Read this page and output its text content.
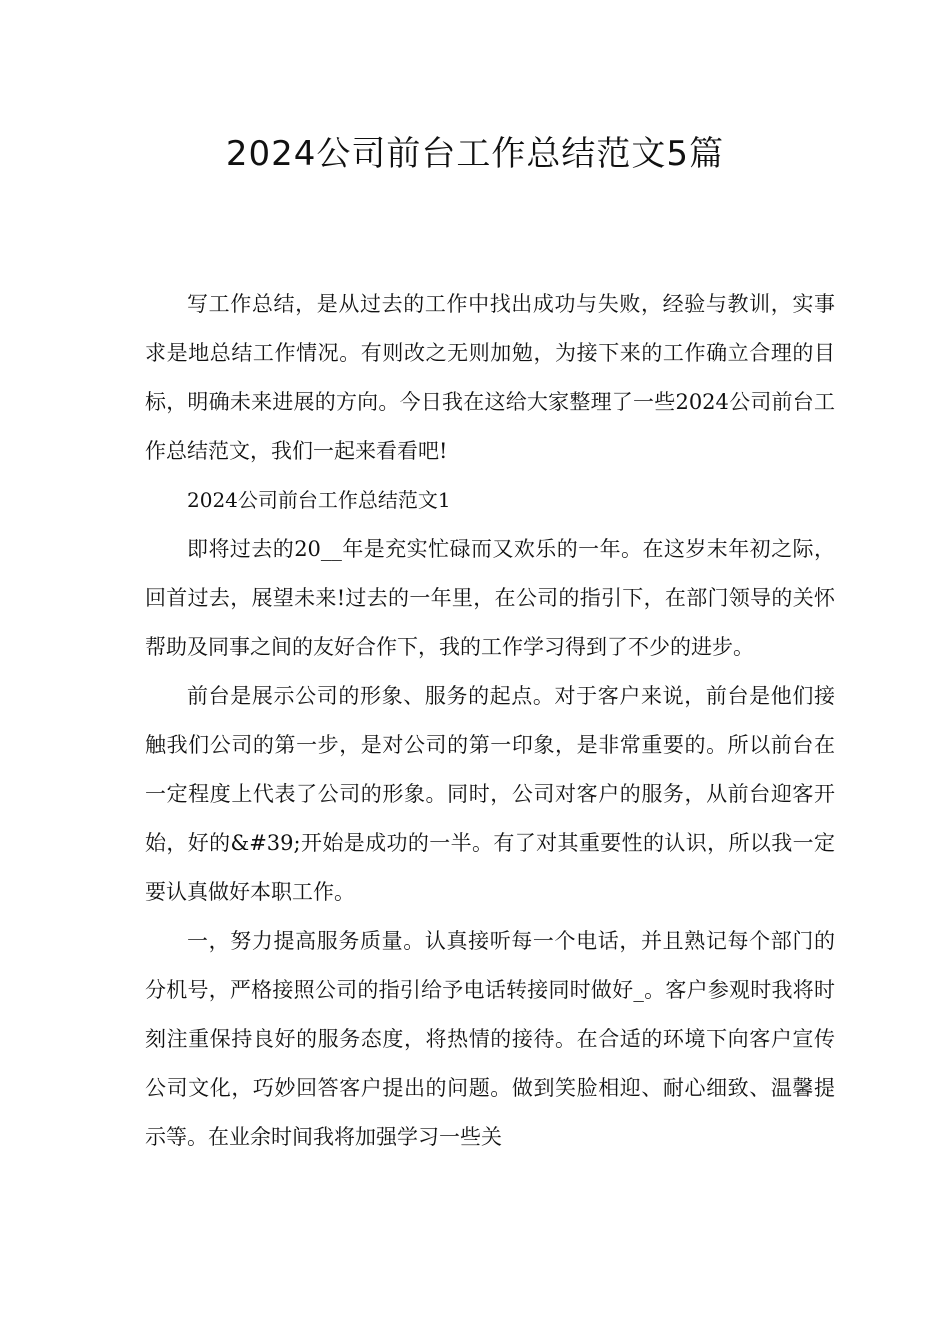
2024公司前台工作总结范文5篇

写工作总结，是从过去的工作中找出成功与失败，经验与教训，实事求是地总结工作情况。有则改之无则加勉，为接下来的工作确立合理的目标，明确未来进展的方向。今日我在这给大家整理了一些2024公司前台工作总结范文，我们一起来看看吧!

2024公司前台工作总结范文1

即将过去的20__年是充实忙碌而又欢乐的一年。在这岁末年初之际，回首过去，展望未来!过去的一年里，在公司的指引下，在部门领导的关怀帮助及同事之间的友好合作下，我的工作学习得到了不少的进步。

前台是展示公司的形象、服务的起点。对于客户来说，前台是他们接触我们公司的第一步，是对公司的第一印象，是非常重要的。所以前台在一定程度上代表了公司的形象。同时，公司对客户的服务，从前台迎客开始，好的&#39;开始是成功的一半。有了对其重要性的认识，所以我一定要认真做好本职工作。

一，努力提高服务质量。认真接听每一个电话，并且熟记每个部门的分机号，严格接照公司的指引给予电话转接同时做好_。客户参观时我将时刻注重保持良好的服务态度，将热情的接待。在合适的环境下向客户宣传公司文化，巧妙回答客户提出的问题。做到笑脸相迎、耐心细致、温馨提示等。在业余时间我将加强学习一些关
